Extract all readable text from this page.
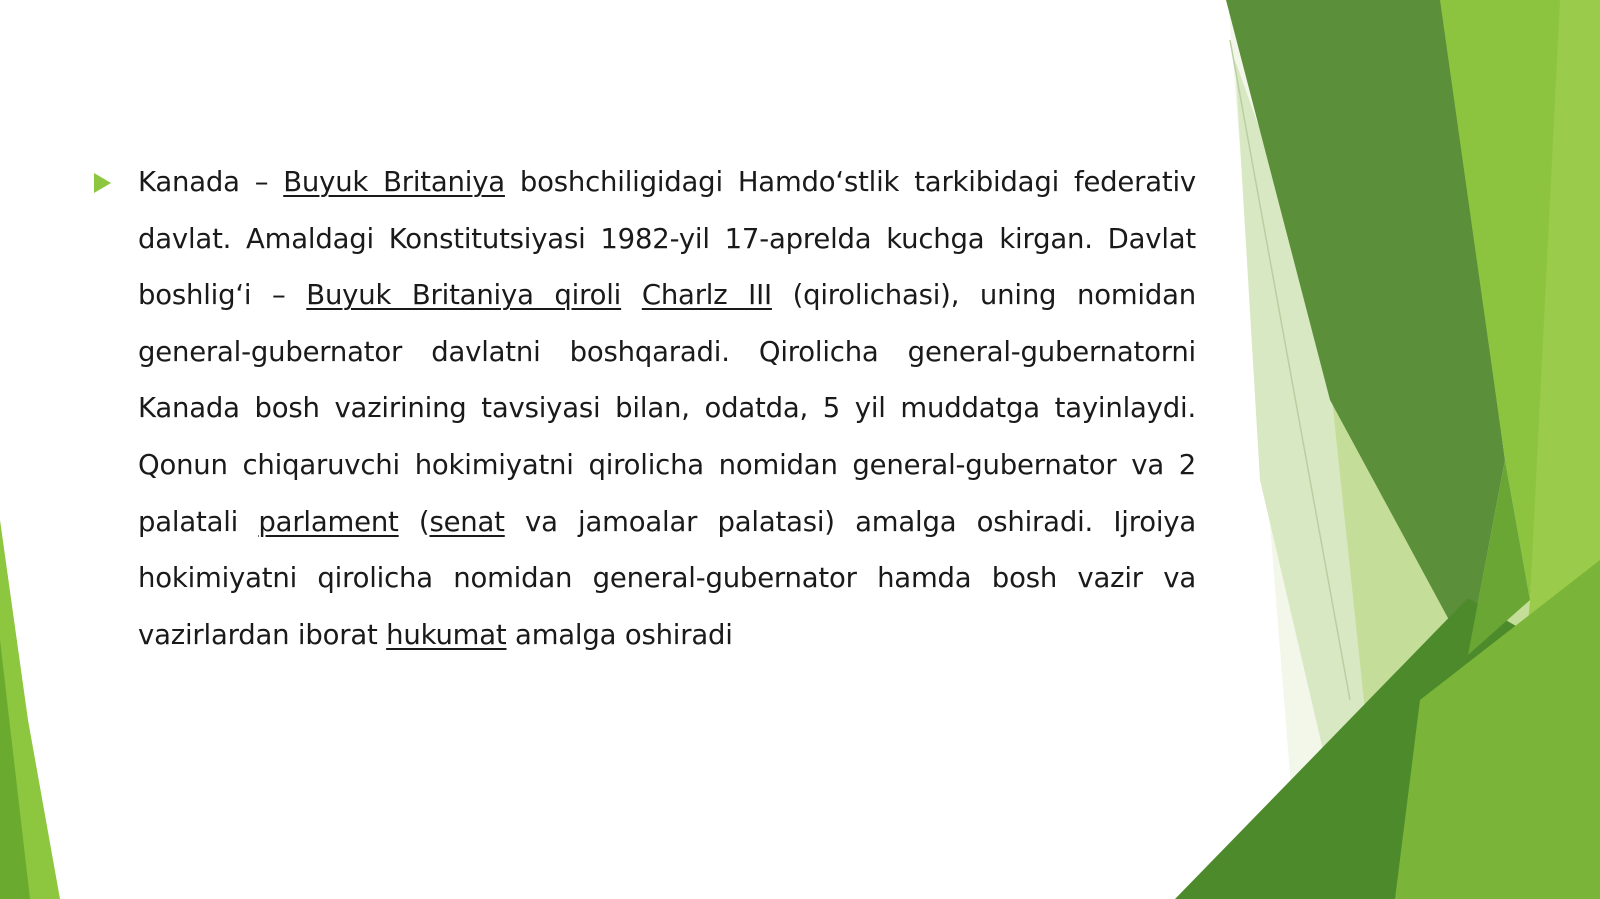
Kanada – Buyuk Britaniya boshchiligidagi Hamdo‘stlik tarkibidagi federativ davlat. Amaldagi Konstitutsiyasi 1982-yil 17-aprelda kuchga kirgan. Davlat boshlig‘i – Buyuk Britaniya qiroli Charlz III (qirolichasi), uning nomidan general-gubernator davlatni boshqaradi. Qirolicha general-gubernatorni Kanada bosh vazirining tavsiyasi bilan, odatda, 5 yil muddatga tayinlaydi. Qonun chiqaruvchi hokimiyatni qirolicha nomidan general-gubernator va 2 palatali parlament (senat va jamoalar palatasi) amalga oshiradi. Ijroiya hokimiyatni qirolicha nomidan general-gubernator hamda bosh vazir va vazirlardan iborat hukumat amalga oshiradi
